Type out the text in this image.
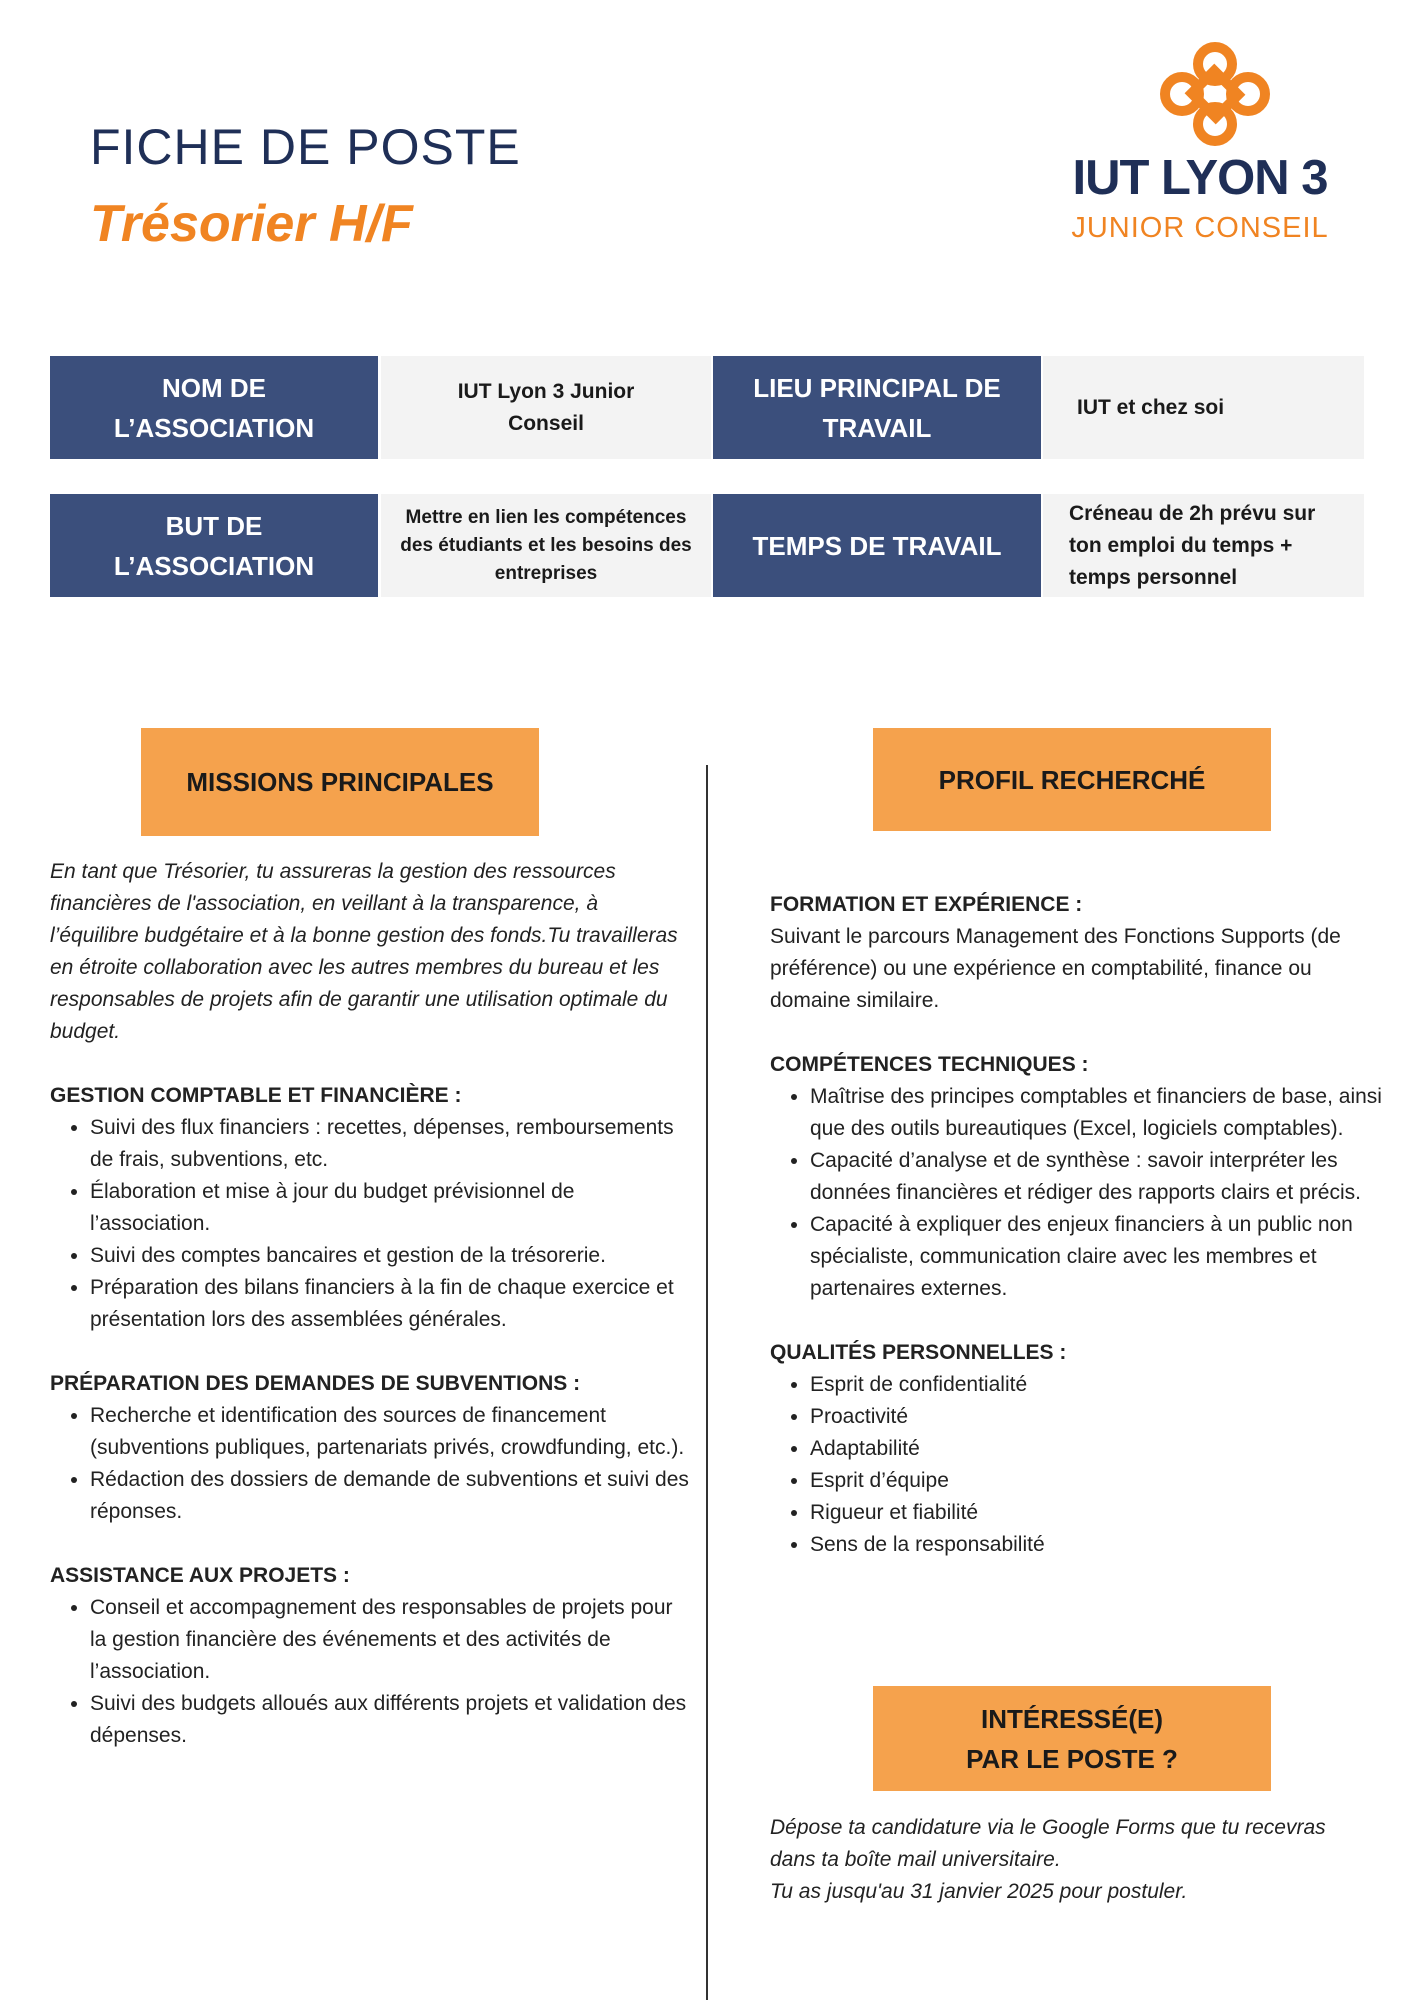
FICHE DE POSTE
Trésorier H/F
IUT LYON 3
JUNIOR CONSEIL
NOM DE L’ASSOCIATION
IUT Lyon 3 Junior Conseil
LIEU PRINCIPAL DE TRAVAIL
IUT et chez soi
BUT DE L’ASSOCIATION
Mettre en lien les compétences des étudiants et les besoins des entreprises
TEMPS DE TRAVAIL
Créneau de 2h prévu sur ton emploi du temps + temps personnel
MISSIONS PRINCIPALES	PROFIL RECHERCHÉ

En tant que Trésorier, tu assureras la gestion des ressources financières de l'association, en veillant à la transparence, à l’équilibre budgétaire et à la bonne gestion des fonds.Tu travailleras en étroite collaboration avec les autres membres du bureau et les responsables de projets afin de garantir une utilisation optimale du budget.

GESTION COMPTABLE ET FINANCIÈRE :

• Suivi des flux financiers : recettes, dépenses, remboursements de frais, subventions, etc.
• Élaboration et mise à jour du budget prévisionnel de l’association.
• Suivi des comptes bancaires et gestion de la trésorerie.
• Préparation des bilans financiers à la fin de chaque exercice et présentation lors des assemblées générales.

PRÉPARATION DES DEMANDES DE SUBVENTIONS :

• Recherche et identification des sources de financement (subventions publiques, partenariats privés, crowdfunding, etc.).
• Rédaction des dossiers de demande de subventions et suivi des réponses.

ASSISTANCE AUX PROJETS :

• Conseil et accompagnement des responsables de projets pour la gestion financière des événements et des activités de l’association.
• Suivi des budgets alloués aux différents projets et validation des dépenses.

FORMATION ET EXPÉRIENCE :

Suivant le parcours Management des Fonctions Supports (de préférence) ou une expérience en comptabilité, finance ou domaine similaire.

COMPÉTENCES TECHNIQUES :

• Maîtrise des principes comptables et financiers de base, ainsi que des outils bureautiques (Excel, logiciels comptables).
• Capacité d’analyse et de synthèse : savoir interpréter les données financières et rédiger des rapports clairs et précis.
• Capacité à expliquer des enjeux financiers à un public non spécialiste, communication claire avec les membres et partenaires externes.

QUALITÉS PERSONNELLES :

• Esprit de confidentialité
• Proactivité
• Adaptabilité
• Esprit d’équipe
• Rigueur et fiabilité
• Sens de la responsabilité
INTÉRESSÉ(E)
PAR LE POSTE ?
Dépose ta candidature via le Google Forms que tu recevras dans ta boîte mail universitaire.
Tu as jusqu'au 31 janvier 2025 pour postuler.
